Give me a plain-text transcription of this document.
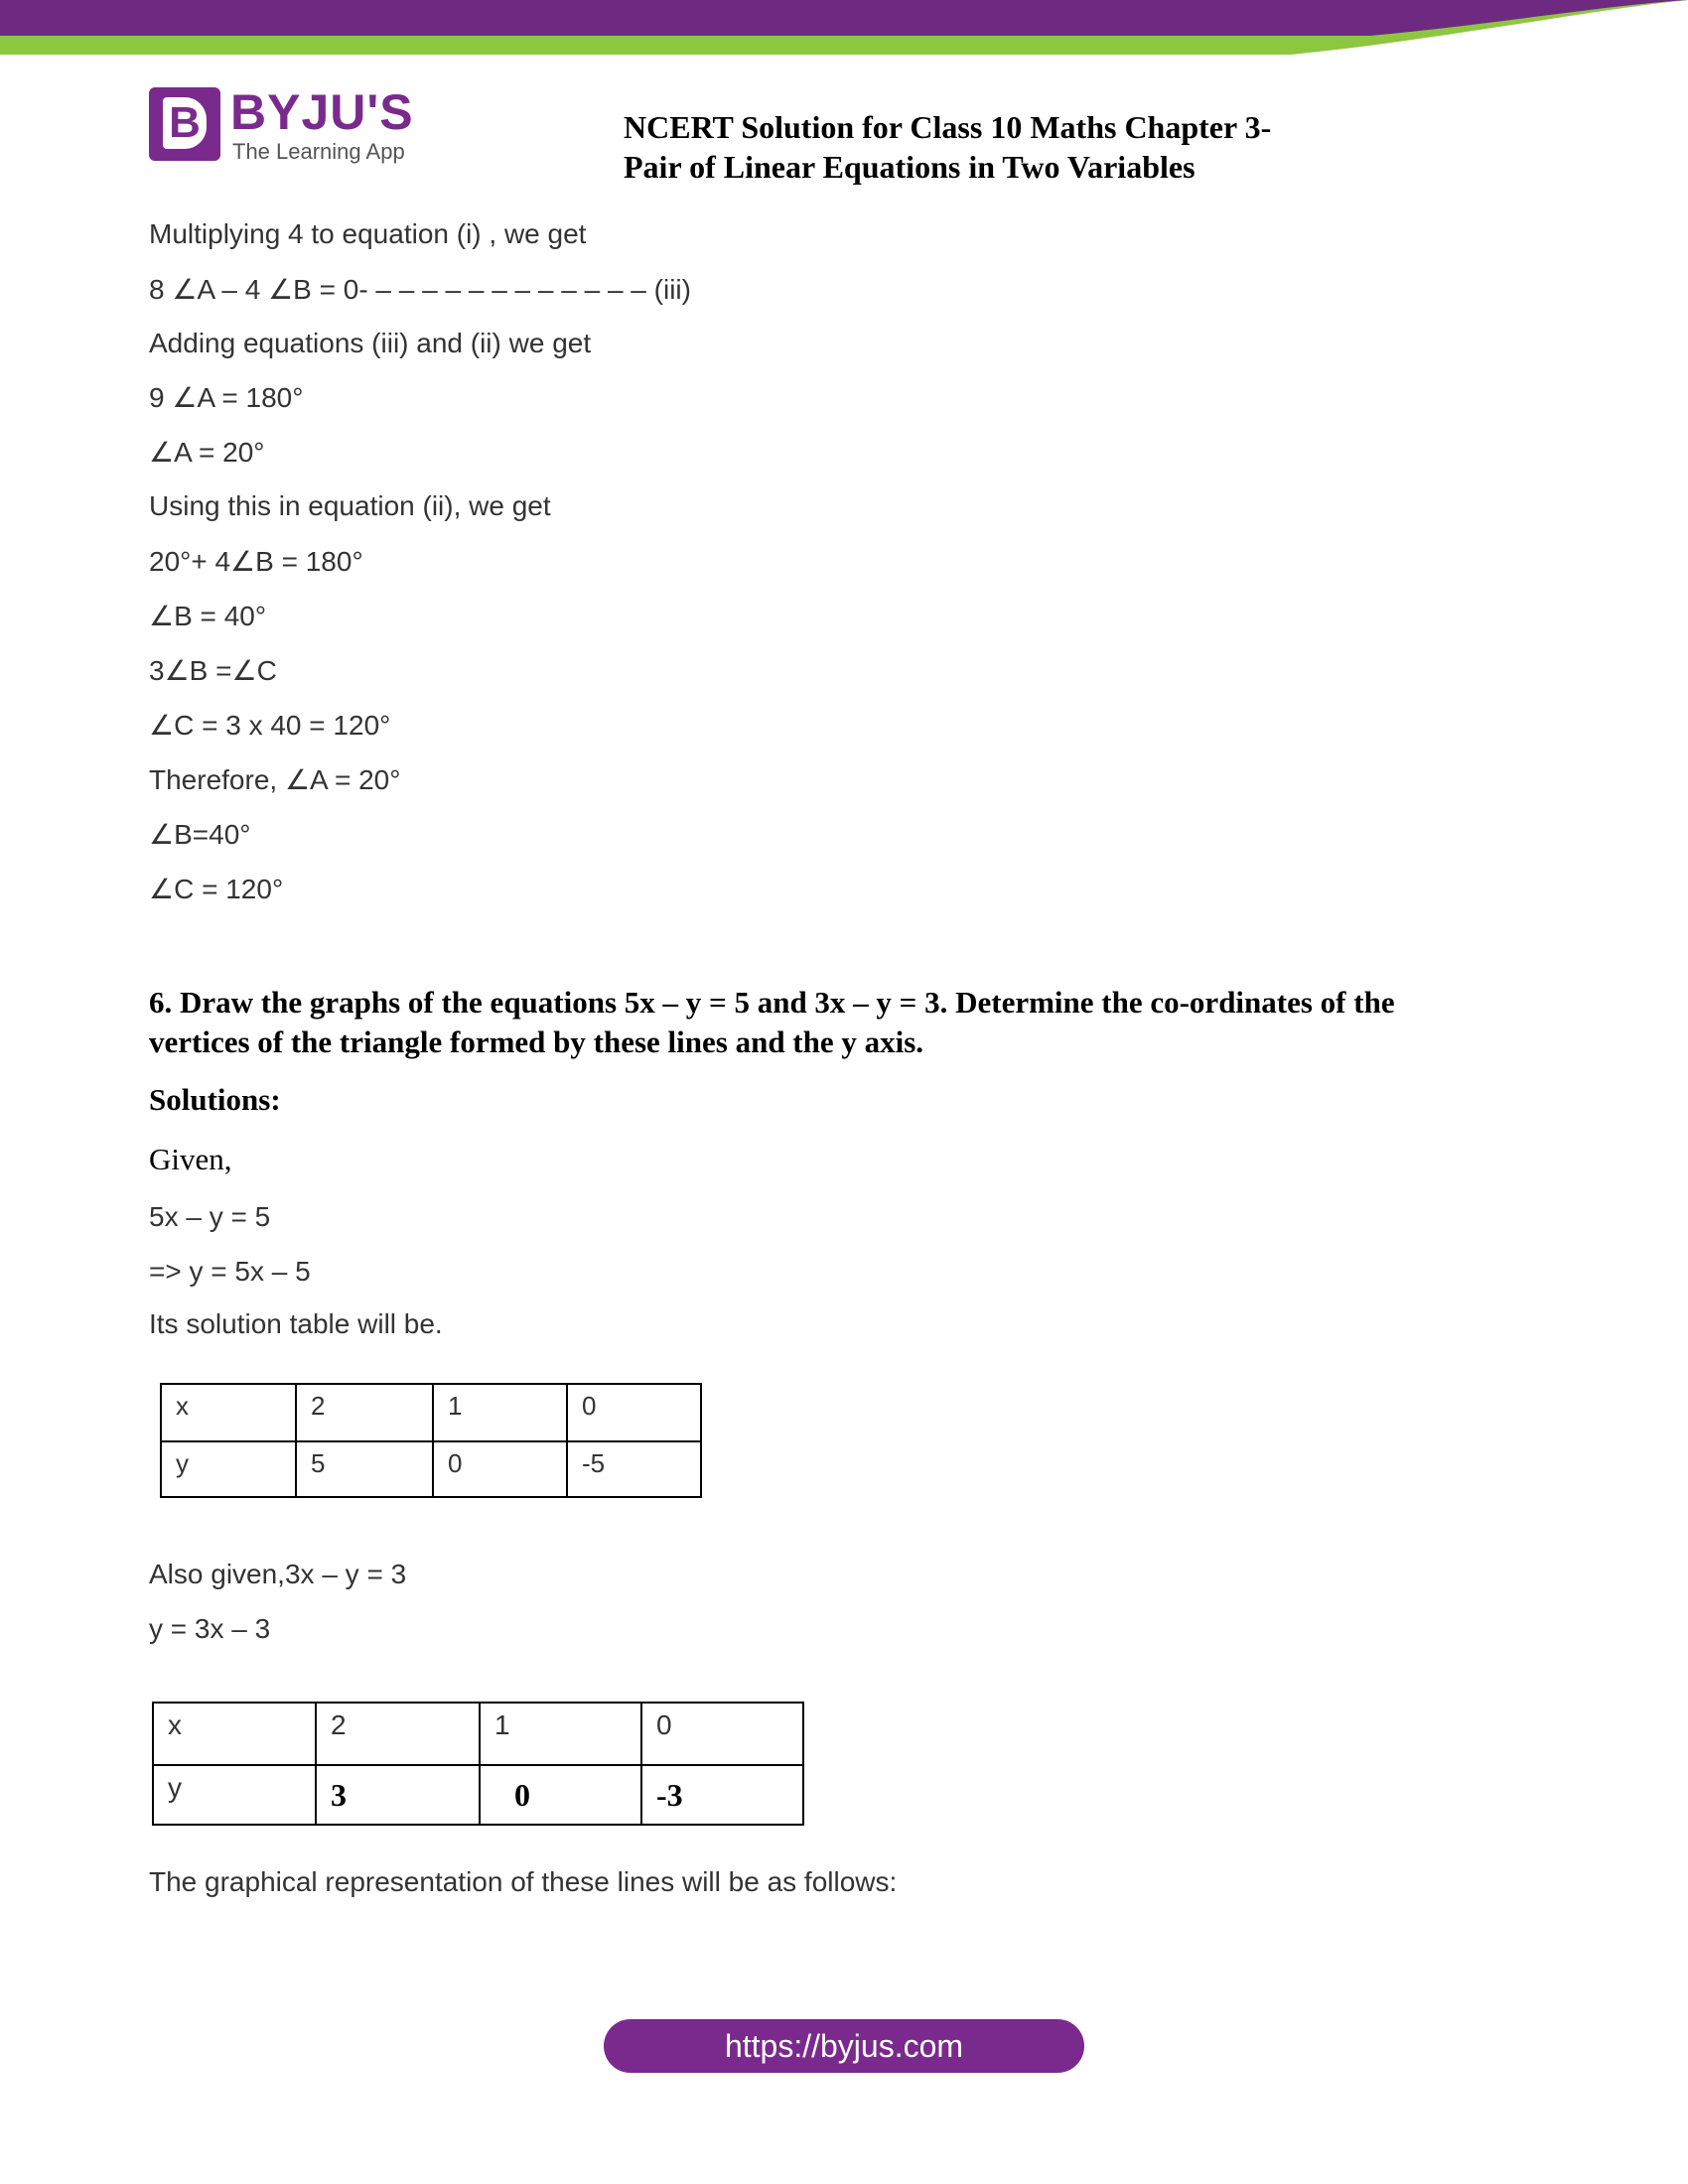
B BYJU'S
The Learning App
NCERT Solution for Class 10 Maths Chapter 3-
Pair of Linear Equations in Two Variables
Multiplying 4 to equation (i) , we get
8 ∠A – 4 ∠B = 0- – – – – – – – – – – – – (iii)
Adding equations (iii) and (ii) we get
9 ∠A = 180°
∠A = 20°
Using this in equation (ii), we get
20°+ 4∠B = 180°
∠B = 40°
3∠B =∠C
∠C = 3 x 40 = 120°
Therefore, ∠A = 20°
∠B=40°
∠C = 120°
6. Draw the graphs of the equations 5x – y = 5 and 3x – y = 3. Determine the co-ordinates of the
vertices of the triangle formed by these lines and the y axis.
Solutions:
Given,
5x – y = 5
=> y = 5x – 5
Its solution table will be.
x	2	1	0
y	5	0	-5
Also given,3x – y = 3
y = 3x – 3
x	2	1	0
y	3	0	-3
The graphical representation of these lines will be as follows:
https://byjus.com
